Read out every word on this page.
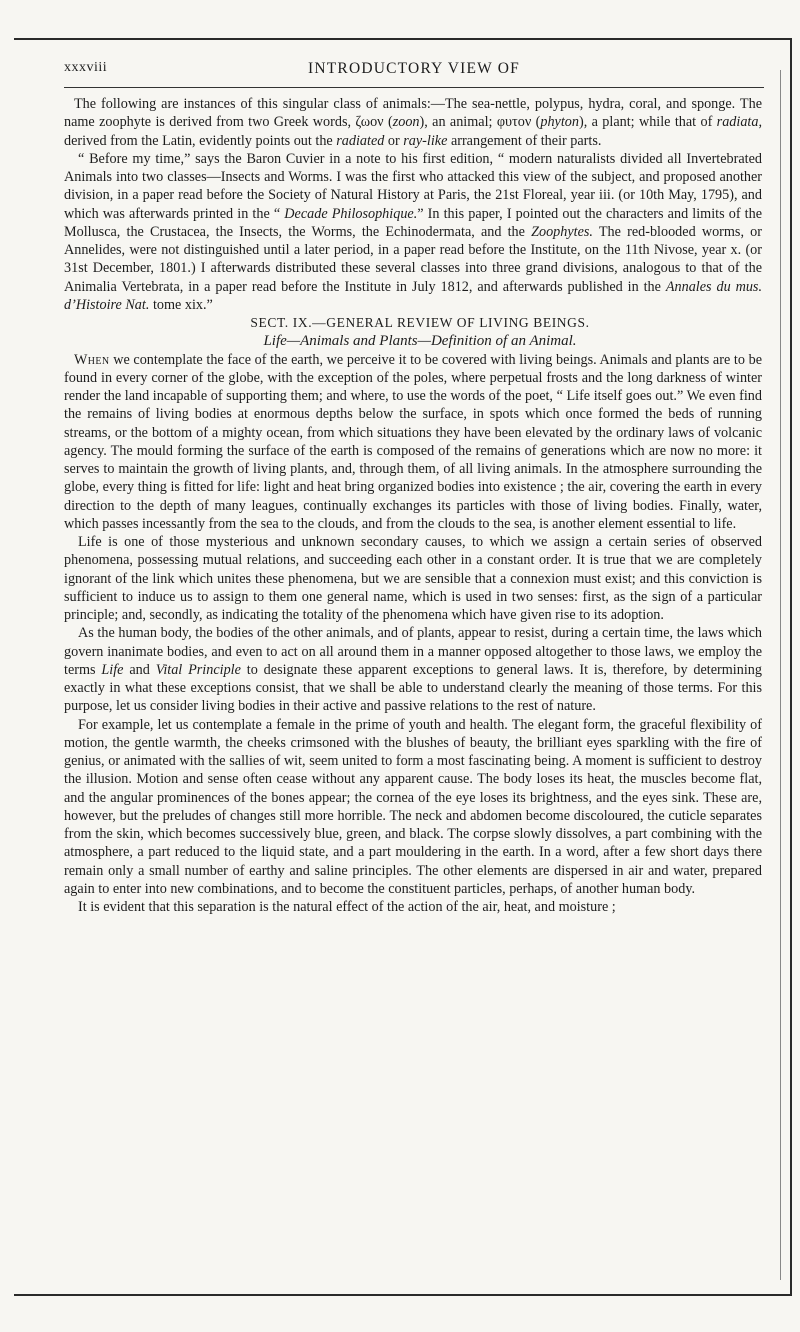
xxxviii	INTRODUCTORY VIEW OF

The following are instances of this singular class of animals:—The sea-nettle, polypus, hydra, coral, and sponge. The name zoophyte is derived from two Greek words, ζωον (zoon), an animal; φυτον (phyton), a plant; while that of radiata, derived from the Latin, evidently points out the radiated or ray-like arrangement of their parts.

“ Before my time,” says the Baron Cuvier in a note to his first edition, “ modern naturalists divided all Invertebrated Animals into two classes—Insects and Worms. I was the first who attacked this view of the subject, and proposed another division, in a paper read before the Society of Natural History at Paris, the 21st Floreal, year iii. (or 10th May, 1795), and which was afterwards printed in the “ Decade Philosophique.” In this paper, I pointed out the characters and limits of the Mollusca, the Crustacea, the Insects, the Worms, the Echinodermata, and the Zoophytes. The red-blooded worms, or Annelides, were not distinguished until a later period, in a paper read before the Institute, on the 11th Nivose, year x. (or 31st December, 1801.) I afterwards distributed these several classes into three grand divisions, analogous to that of the Animalia Vertebrata, in a paper read before the Institute in July 1812, and afterwards published in the Annales du mus. d’Histoire Nat. tome xix.”

SECT. IX.—GENERAL REVIEW OF LIVING BEINGS.

Life—Animals and Plants—Definition of an Animal.

When we contemplate the face of the earth, we perceive it to be covered with living beings. Animals and plants are to be found in every corner of the globe, with the exception of the poles, where perpetual frosts and the long darkness of winter render the land incapable of supporting them; and where, to use the words of the poet, “ Life itself goes out.” We even find the remains of living bodies at enormous depths below the surface, in spots which once formed the beds of running streams, or the bottom of a mighty ocean, from which situations they have been elevated by the ordinary laws of volcanic agency. The mould forming the surface of the earth is composed of the remains of generations which are now no more: it serves to maintain the growth of living plants, and, through them, of all living animals. In the atmosphere surrounding the globe, every thing is fitted for life: light and heat bring organized bodies into existence ; the air, covering the earth in every direction to the depth of many leagues, continually exchanges its particles with those of living bodies. Finally, water, which passes incessantly from the sea to the clouds, and from the clouds to the sea, is another element essential to life.

Life is one of those mysterious and unknown secondary causes, to which we assign a certain series of observed phenomena, possessing mutual relations, and succeeding each other in a constant order. It is true that we are completely ignorant of the link which unites these phenomena, but we are sensible that a connexion must exist; and this conviction is sufficient to induce us to assign to them one general name, which is used in two senses: first, as the sign of a particular principle; and, secondly, as indicating the totality of the phenomena which have given rise to its adoption.

As the human body, the bodies of the other animals, and of plants, appear to resist, during a certain time, the laws which govern inanimate bodies, and even to act on all around them in a manner opposed altogether to those laws, we employ the terms Life and Vital Principle to designate these apparent exceptions to general laws. It is, therefore, by determining exactly in what these exceptions consist, that we shall be able to understand clearly the meaning of those terms. For this purpose, let us consider living bodies in their active and passive relations to the rest of nature.

For example, let us contemplate a female in the prime of youth and health. The elegant form, the graceful flexibility of motion, the gentle warmth, the cheeks crimsoned with the blushes of beauty, the brilliant eyes sparkling with the fire of genius, or animated with the sallies of wit, seem united to form a most fascinating being. A moment is sufficient to destroy the illusion. Motion and sense often cease without any apparent cause. The body loses its heat, the muscles become flat, and the angular prominences of the bones appear; the cornea of the eye loses its brightness, and the eyes sink. These are, however, but the preludes of changes still more horrible. The neck and abdomen become discoloured, the cuticle separates from the skin, which becomes successively blue, green, and black. The corpse slowly dissolves, a part combining with the atmosphere, a part reduced to the liquid state, and a part mouldering in the earth. In a word, after a few short days there remain only a small number of earthy and saline principles. The other elements are dispersed in air and water, prepared again to enter into new combinations, and to become the constituent particles, perhaps, of another human body.

It is evident that this separation is the natural effect of the action of the air, heat, and moisture ;
